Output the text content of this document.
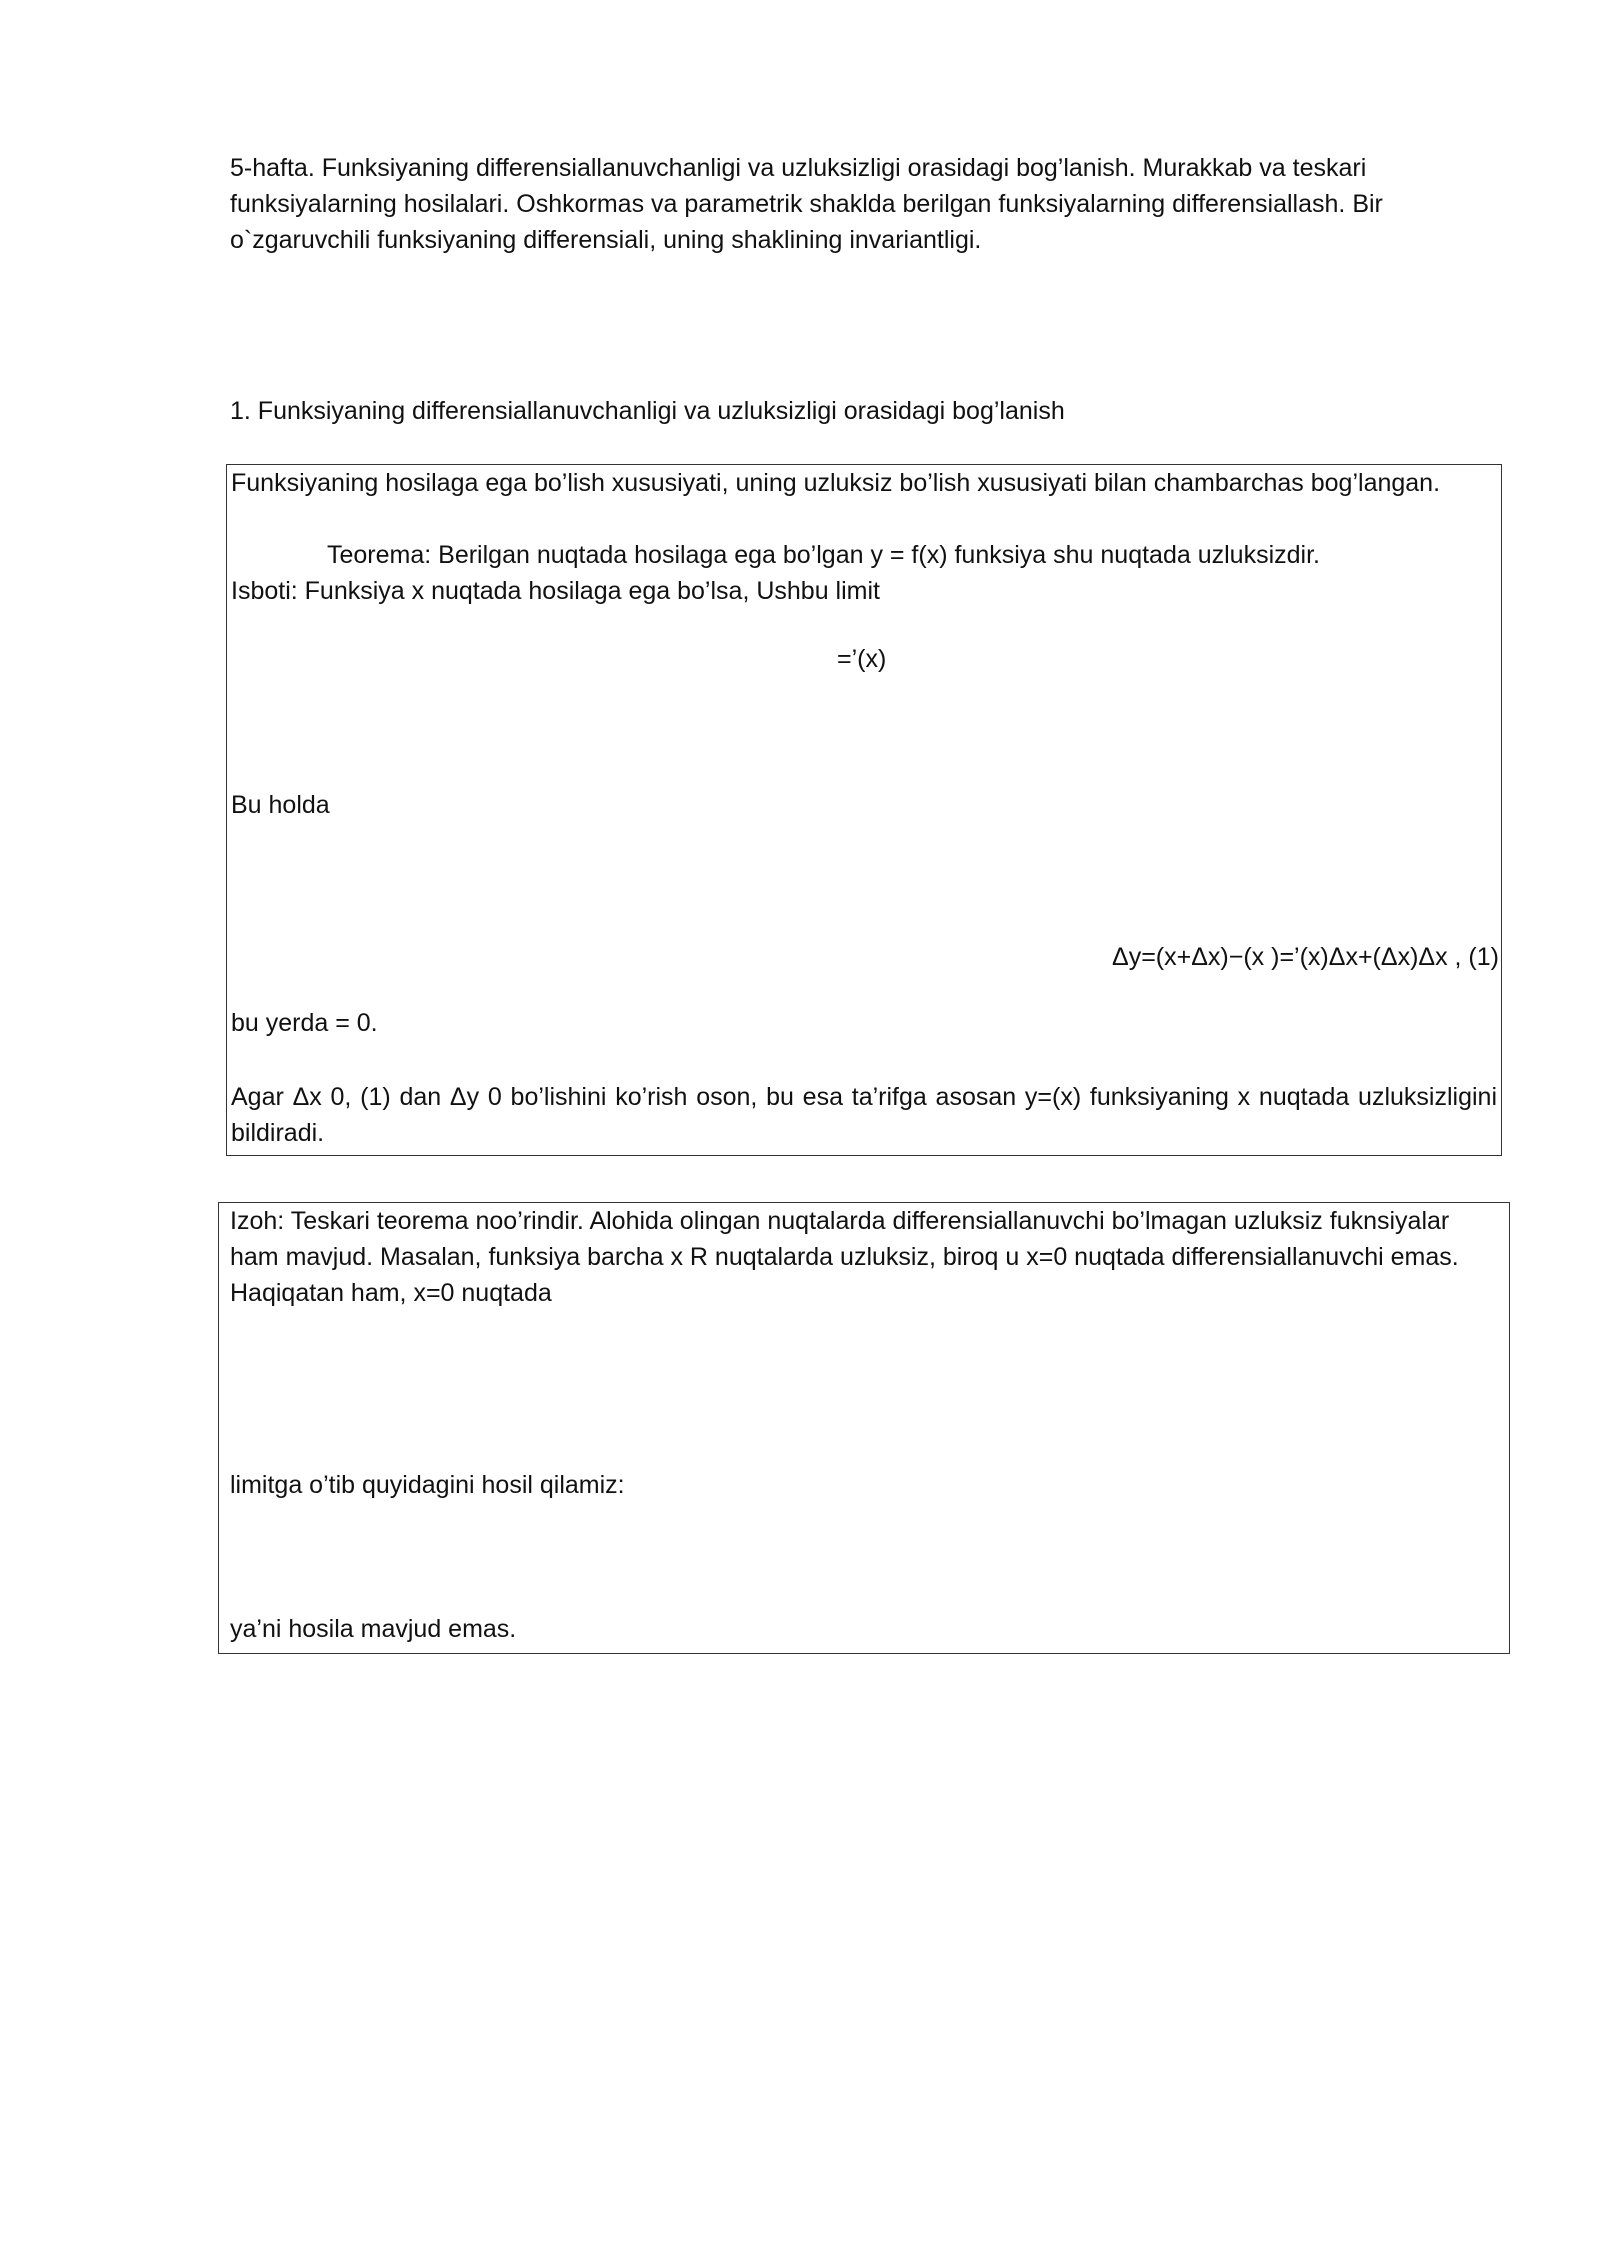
5-hafta. Funksiyaning differensiallanuvchanligi va uzluksizligi orasidagi bog’lanish. Murakkab va teskari funksiyalarning hosilalari. Oshkormas va parametrik shaklda berilgan funksiyalarning differensiallash. Bir o`zgaruvchili funksiyaning differensiali, uning shaklining invariantligi.
1. Funksiyaning differensiallanuvchanligi va uzluksizligi orasidagi bog’lanish

Funksiyaning hosilaga ega bo’lish xususiyati, uning uzluksiz bo’lish xususiyati bilan chambarchas bog’langan.

Teorema: Berilgan nuqtada hosilaga ega bo’lgan y = f(x) funksiya shu nuqtada uzluksizdir.

Isboti: Funksiya x nuqtada hosilaga ega bo’lsa, Ushbu limit

=’(x)

Bu holda

Δy=(x+Δx)−(x )=’(x)Δx+(Δx)Δx , (1)

bu yerda = 0.

Agar Δx 0, (1) dan Δy 0 bo’lishini ko’rish oson, bu esa ta’rifga asosan y=(x) funksiyaning x nuqtada uzluksizligini bildiradi.

Izoh: Teskari teorema noo’rindir. Alohida olingan nuqtalarda differensiallanuvchi bo’lmagan uzluksiz fuknsiyalar ham mavjud. Masalan, funksiya barcha x R nuqtalarda uzluksiz, biroq u x=0 nuqtada differensiallanuvchi emas. Haqiqatan ham, x=0 nuqtada

limitga o’tib quyidagini hosil qilamiz:

ya’ni hosila mavjud emas.
